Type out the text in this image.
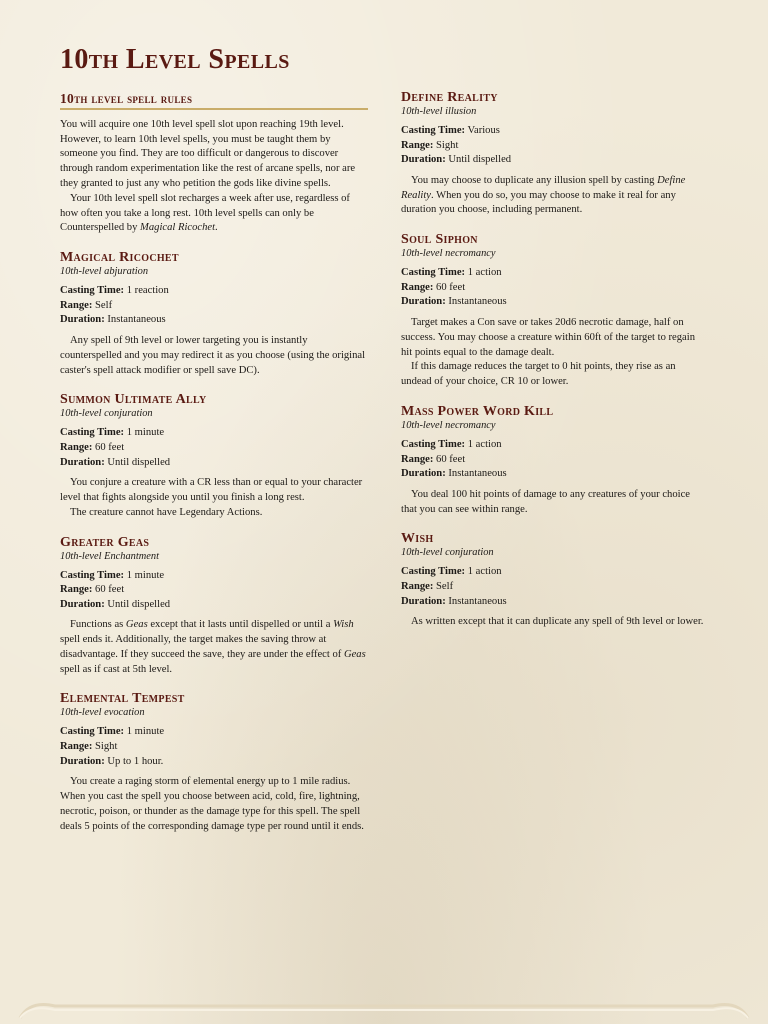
10th Level Spells
10th level spell rules

You will acquire one 10th level spell slot upon reaching 19th level. However, to learn 10th level spells, you must be taught them by someone you find. They are too difficult or dangerous to discover through random experimentation like the rest of arcane spells, nor are they granted to just any who petition the gods like divine spells.

Your 10th level spell slot recharges a week after use, regardless of how often you take a long rest. 10th level spells can only be Counterspelled by Magical Ricochet.

Magical Ricochet
10th-level abjuration
Casting Time: 1 reaction
Range: Self
Duration: Instantaneous

Any spell of 9th level or lower targeting you is instantly counterspelled and you may redirect it as you choose (using the original caster's spell attack modifier or spell save DC).

Summon Ultimate Ally
10th-level conjuration
Casting Time: 1 minute
Range: 60 feet
Duration: Until dispelled

You conjure a creature with a CR less than or equal to your character level that fights alongside you until you finish a long rest.

The creature cannot have Legendary Actions.

Greater Geas
10th-level Enchantment
Casting Time: 1 minute
Range: 60 feet
Duration: Until dispelled

Functions as Geas except that it lasts until dispelled or until a Wish spell ends it. Additionally, the target makes the saving throw at disadvantage. If they succeed the save, they are under the effect of Geas spell as if cast at 5th level.

Elemental Tempest
10th-level evocation
Casting Time: 1 minute
Range: Sight
Duration: Up to 1 hour.

You create a raging storm of elemental energy up to 1 mile radius. When you cast the spell you choose between acid, cold, fire, lightning, necrotic, poison, or thunder as the damage type for this spell. The spell deals 5 points of the corresponding damage type per round until it ends.

Define Reality
10th-level illusion
Casting Time: Various
Range: Sight
Duration: Until dispelled

You may choose to duplicate any illusion spell by casting Define Reality. When you do so, you may choose to make it real for any duration you choose, including permanent.

Soul Siphon
10th-level necromancy
Casting Time: 1 action
Range: 60 feet
Duration: Instantaneous

Target makes a Con save or takes 20d6 necrotic damage, half on success. You may choose a creature within 60ft of the target to regain hit points equal to the damage dealt.

If this damage reduces the target to 0 hit points, they rise as an undead of your choice, CR 10 or lower.

Mass Power Word Kill
10th-level necromancy
Casting Time: 1 action
Range: 60 feet
Duration: Instantaneous

You deal 100 hit points of damage to any creatures of your choice that you can see within range.

Wish
10th-level conjuration
Casting Time: 1 action
Range: Self
Duration: Instantaneous

As written except that it can duplicate any spell of 9th level or lower.
